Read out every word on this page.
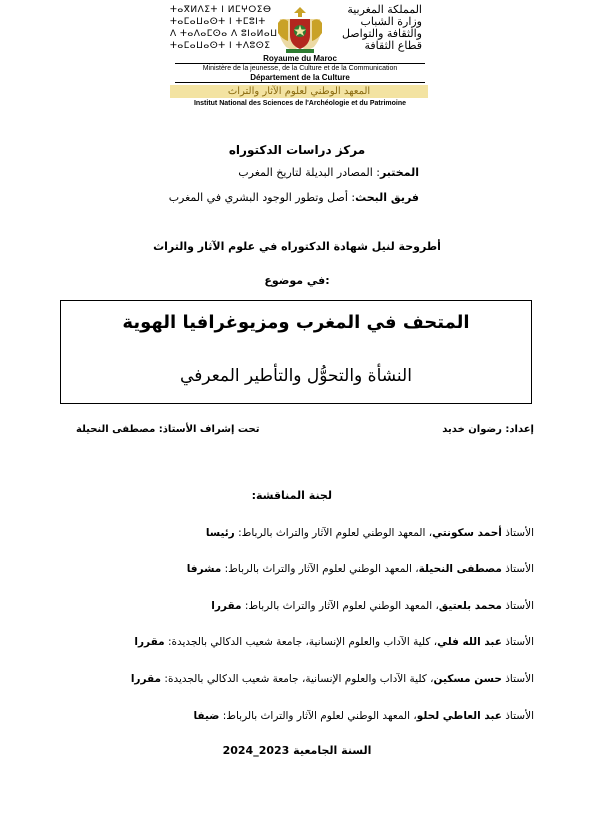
ⵜⴰⴳⵍⴷⵉⵜ ⵏ ⵍⵎⵖⵔⵉⴱ
ⵜⴰⵎⴰⵡⴰⵙⵜ ⵏ ⵜⵎⵓⵏⵜ
ⴷ ⵜⴰⴷⴰⵎⵙⴰ ⴷ ⵓⵏⴰⵍⴰⵡ
ⵜⴰⵎⴰⵡⴰⵙⵜ ⵏ ⵜⴷⵓⵙⵉ
المملكة المغربية
وزارة الشباب
والثقافة والتواصل
قطاع الثقافة
Royaume du Maroc
Ministère de la jeunesse, de la Culture et de la Communication
Département de la Culture
المعهد الوطني لعلوم الآثار والتراث
Institut National des Sciences de l'Archéologie et du Patrimoine
مركز دراسات الدكتوراه
المختبر: المصادر البديلة لتاريخ المغرب
فريق البحث: أصل وتطور الوجود البشري في المغرب
أطروحة لنيل شهادة الدكتوراه في علوم الآثار والتراث
في موضوع:
المتحف في المغرب ومزيوغرافيا الهوية
النشأة والتحوُّل والتأطير المعرفي
إعداد: رضوان خديد
تحت إشراف الأستاذ: مصطفى النحيلة
لجنة المناقشة:
الأستاذ أحمد سكونتي، المعهد الوطني لعلوم الآثار والتراث بالرباط: رئيسا
الأستاذ مصطفى النحيلة، المعهد الوطني لعلوم الآثار والتراث بالرباط: مشرفا
الأستاذ محمد بلعتيق، المعهد الوطني لعلوم الآثار والتراث بالرباط: مقررا
الأستاذ عبد الله فلي، كلية الآداب والعلوم الإنسانية، جامعة شعيب الدكالي بالجديدة: مقررا
الأستاذ حسن مسكين، كلية الآداب والعلوم الإنسانية، جامعة شعيب الدكالي بالجديدة: مقررا
الأستاذ عبد العاطي لحلو، المعهد الوطني لعلوم الآثار والتراث بالرباط: ضيفا
السنة الجامعية 2023_2024
